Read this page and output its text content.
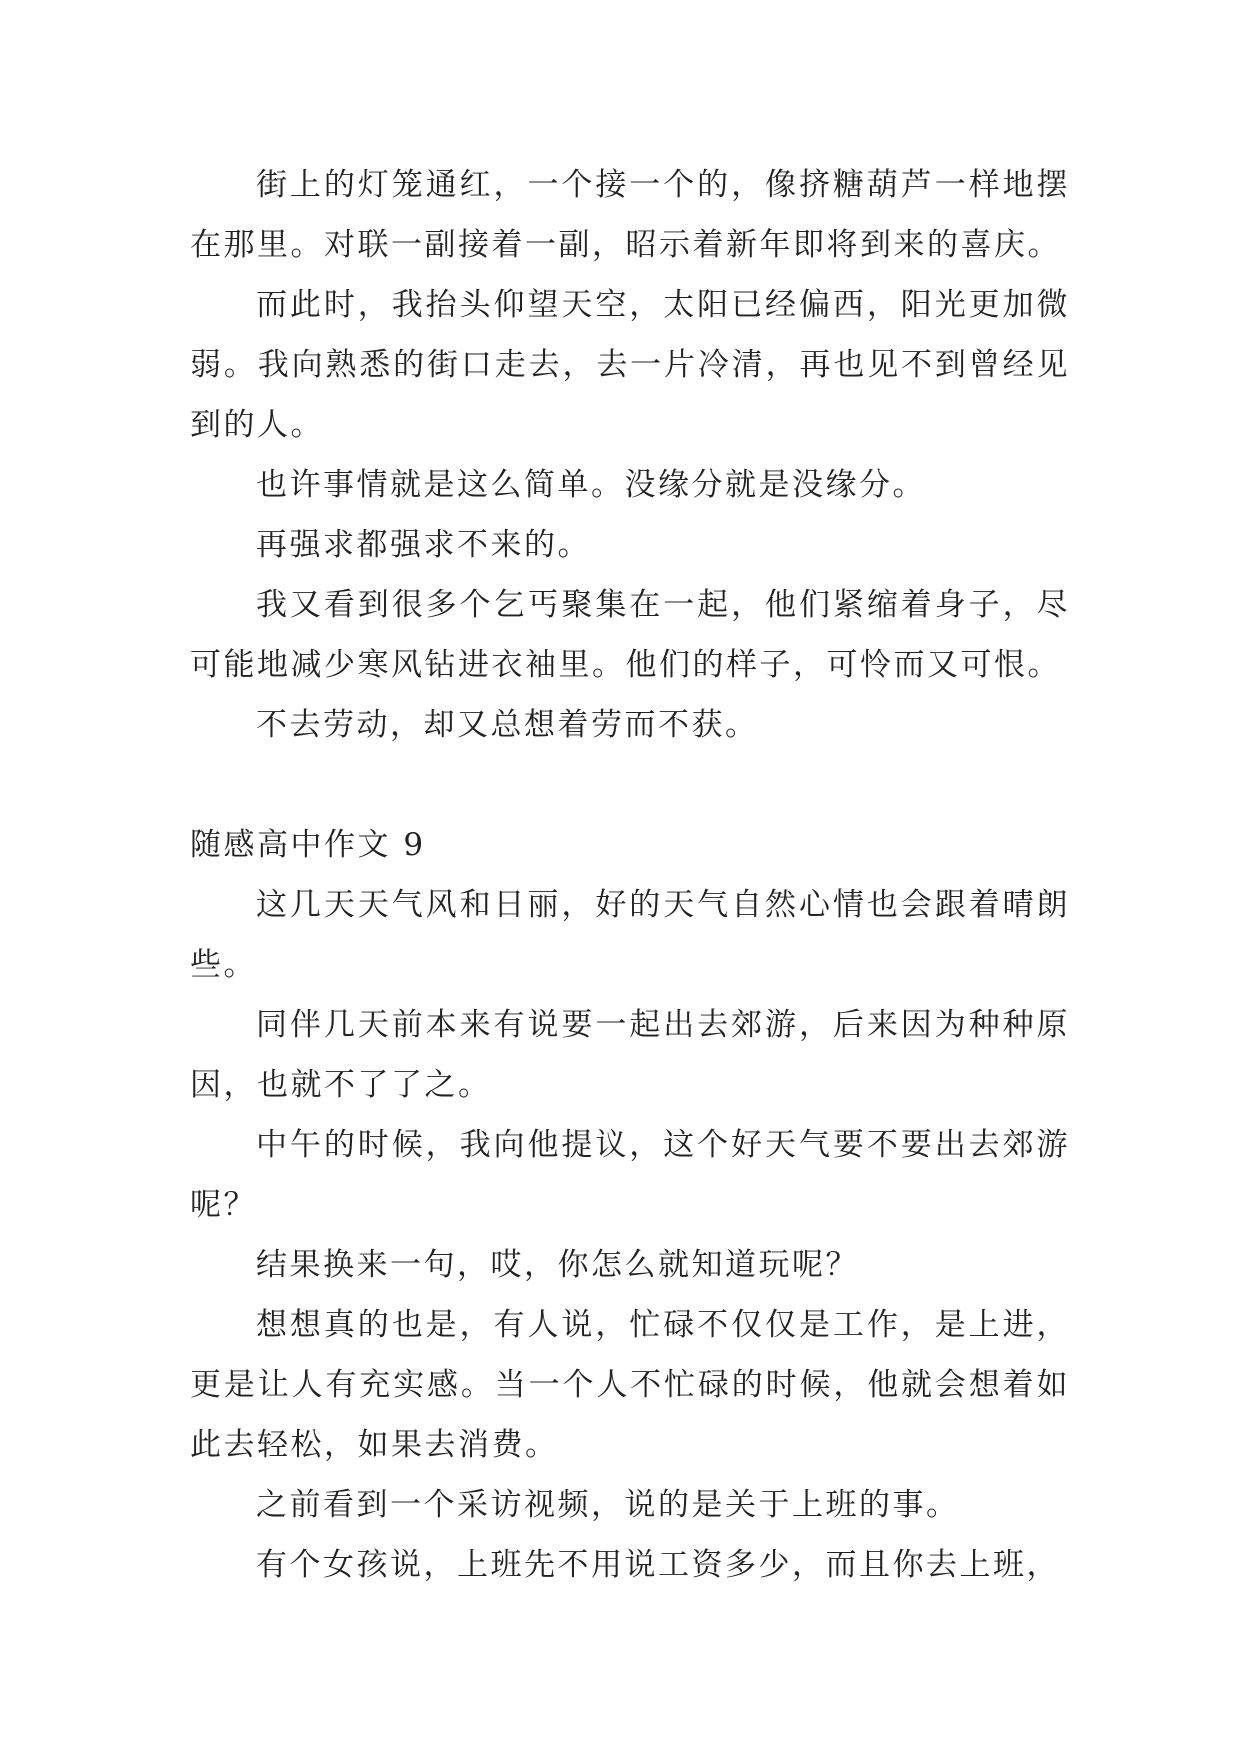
街上的灯笼通红，一个接一个的，像挤糖葫芦一样地摆在那里。对联一副接着一副，昭示着新年即将到来的喜庆。

而此时，我抬头仰望天空，太阳已经偏西，阳光更加微弱。我向熟悉的街口走去，去一片冷清，再也见不到曾经见到的人。

也许事情就是这么简单。没缘分就是没缘分。

再强求都强求不来的。

我又看到很多个乞丐聚集在一起，他们紧缩着身子，尽可能地减少寒风钻进衣袖里。他们的样子，可怜而又可恨。

不去劳动，却又总想着劳而不获。

随感高中作文 9

这几天天气风和日丽，好的天气自然心情也会跟着晴朗些。

同伴几天前本来有说要一起出去郊游，后来因为种种原因，也就不了了之。

中午的时候，我向他提议，这个好天气要不要出去郊游呢？

结果换来一句，哎，你怎么就知道玩呢？

想想真的也是，有人说，忙碌不仅仅是工作，是上进，更是让人有充实感。当一个人不忙碌的时候，他就会想着如此去轻松，如果去消费。

之前看到一个采访视频，说的是关于上班的事。

有个女孩说，上班先不用说工资多少，而且你去上班，
